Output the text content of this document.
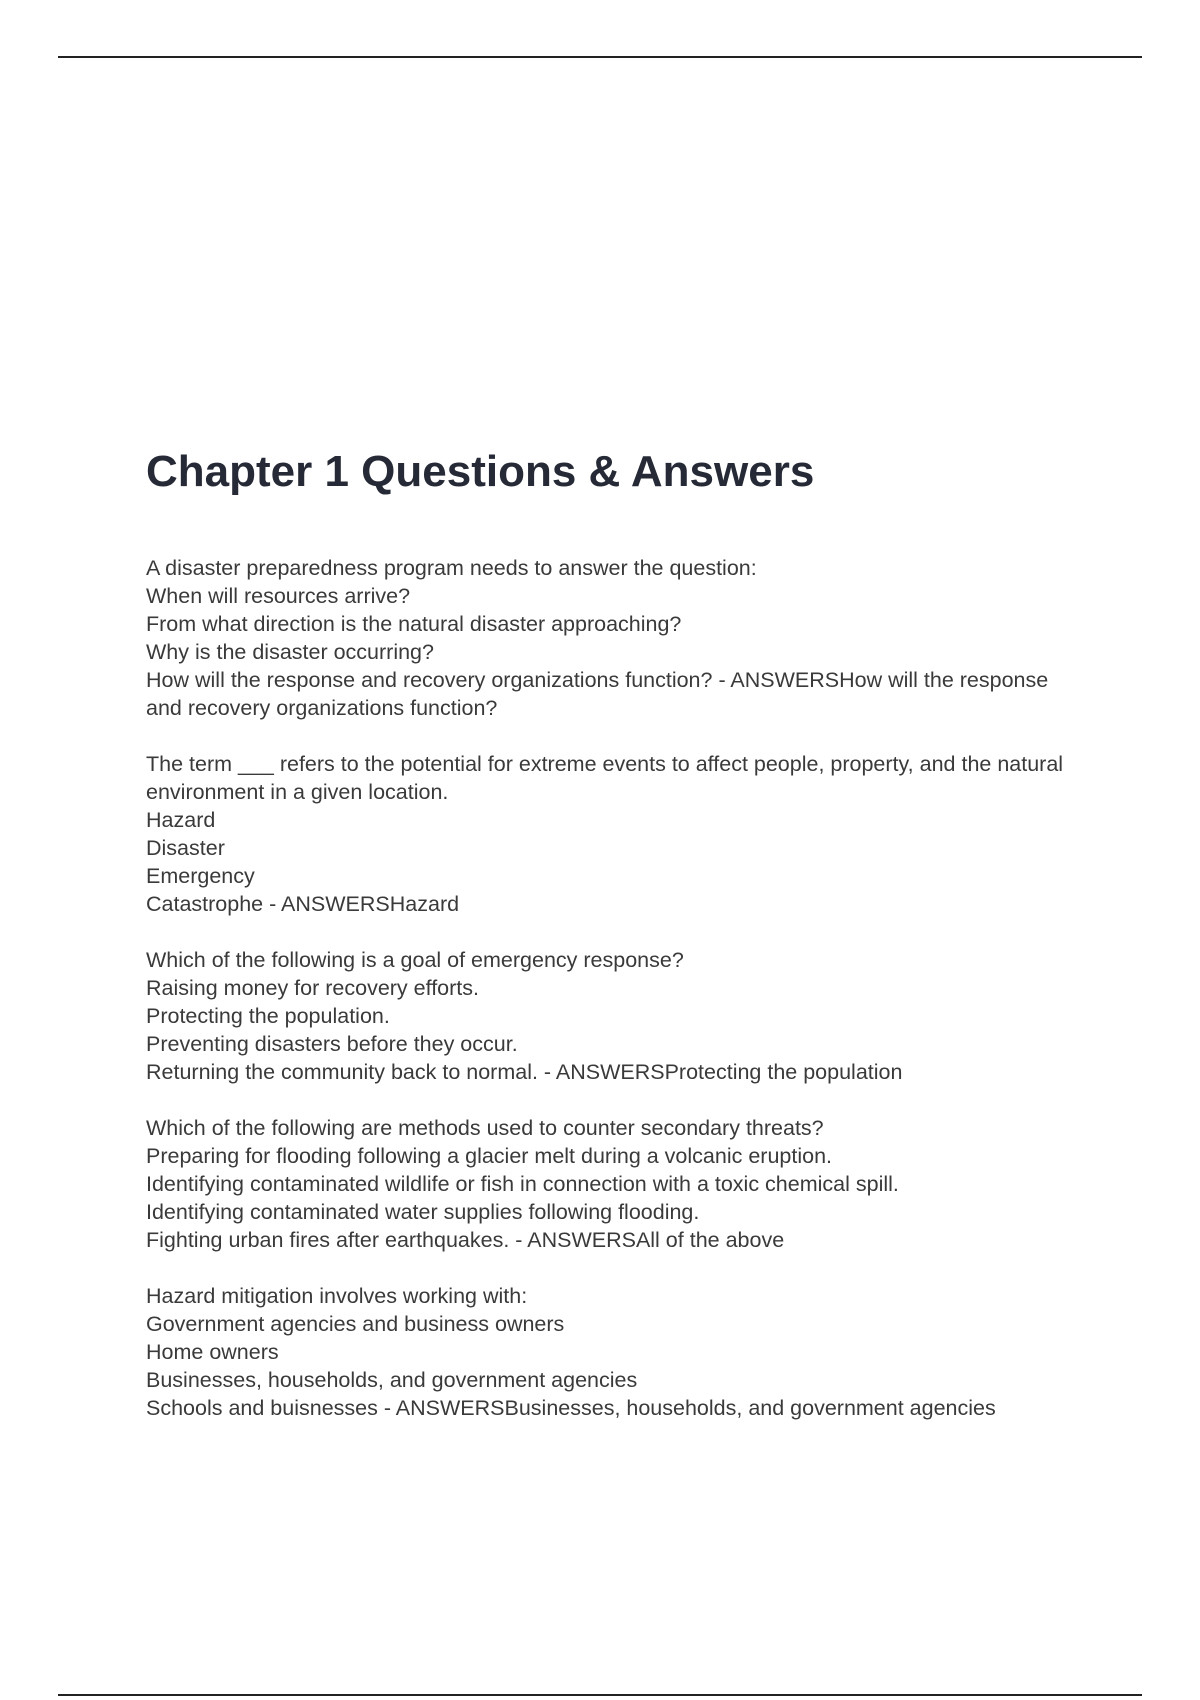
Chapter 1 Questions & Answers
A disaster preparedness program needs to answer the question:
When will resources arrive?
From what direction is the natural disaster approaching?
Why is the disaster occurring?
How will the response and recovery organizations function? - ANSWERSHow will the response and recovery organizations function?
The term ___ refers to the potential for extreme events to affect people, property, and the natural environment in a given location.
Hazard
Disaster
Emergency
Catastrophe - ANSWERSHazard
Which of the following is a goal of emergency response?
Raising money for recovery efforts.
Protecting the population.
Preventing disasters before they occur.
Returning the community back to normal. - ANSWERSProtecting the population
Which of the following are methods used to counter secondary threats?
Preparing for flooding following a glacier melt during a volcanic eruption.
Identifying contaminated wildlife or fish in connection with a toxic chemical spill.
Identifying contaminated water supplies following flooding.
Fighting urban fires after earthquakes. - ANSWERSAll of the above
Hazard mitigation involves working with:
Government agencies and business owners
Home owners
Businesses, households, and government agencies
Schools and buisnesses - ANSWERSBusinesses, households, and government agencies
